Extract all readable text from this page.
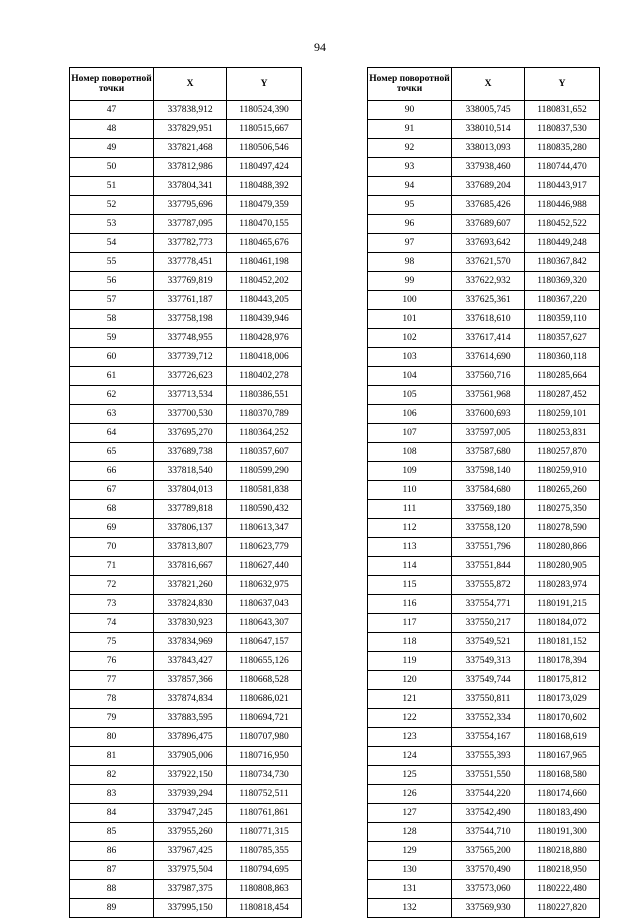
94
Номер поворотной точки	X	Y
47	337838,912	1180524,390
48	337829,951	1180515,667
49	337821,468	1180506,546
50	337812,986	1180497,424
51	337804,341	1180488,392
52	337795,696	1180479,359
53	337787,095	1180470,155
54	337782,773	1180465,676
55	337778,451	1180461,198
56	337769,819	1180452,202
57	337761,187	1180443,205
58	337758,198	1180439,946
59	337748,955	1180428,976
60	337739,712	1180418,006
61	337726,623	1180402,278
62	337713,534	1180386,551
63	337700,530	1180370,789
64	337695,270	1180364,252
65	337689,738	1180357,607
66	337818,540	1180599,290
67	337804,013	1180581,838
68	337789,818	1180590,432
69	337806,137	1180613,347
70	337813,807	1180623,779
71	337816,667	1180627,440
72	337821,260	1180632,975
73	337824,830	1180637,043
74	337830,923	1180643,307
75	337834,969	1180647,157
76	337843,427	1180655,126
77	337857,366	1180668,528
78	337874,834	1180686,021
79	337883,595	1180694,721
80	337896,475	1180707,980
81	337905,006	1180716,950
82	337922,150	1180734,730
83	337939,294	1180752,511
84	337947,245	1180761,861
85	337955,260	1180771,315
86	337967,425	1180785,355
87	337975,504	1180794,695
88	337987,375	1180808,863
89	337995,150	1180818,454
Номер поворотной точки	X	Y
90	338005,745	1180831,652
91	338010,514	1180837,530
92	338013,093	1180835,280
93	337938,460	1180744,470
94	337689,204	1180443,917
95	337685,426	1180446,988
96	337689,607	1180452,522
97	337693,642	1180449,248
98	337621,570	1180367,842
99	337622,932	1180369,320
100	337625,361	1180367,220
101	337618,610	1180359,110
102	337617,414	1180357,627
103	337614,690	1180360,118
104	337560,716	1180285,664
105	337561,968	1180287,452
106	337600,693	1180259,101
107	337597,005	1180253,831
108	337587,680	1180257,870
109	337598,140	1180259,910
110	337584,680	1180265,260
111	337569,180	1180275,350
112	337558,120	1180278,590
113	337551,796	1180280,866
114	337551,844	1180280,905
115	337555,872	1180283,974
116	337554,771	1180191,215
117	337550,217	1180184,072
118	337549,521	1180181,152
119	337549,313	1180178,394
120	337549,744	1180175,812
121	337550,811	1180173,029
122	337552,334	1180170,602
123	337554,167	1180168,619
124	337555,393	1180167,965
125	337551,550	1180168,580
126	337544,220	1180174,660
127	337542,490	1180183,490
128	337544,710	1180191,300
129	337565,200	1180218,880
130	337570,490	1180218,950
131	337573,060	1180222,480
132	337569,930	1180227,820
